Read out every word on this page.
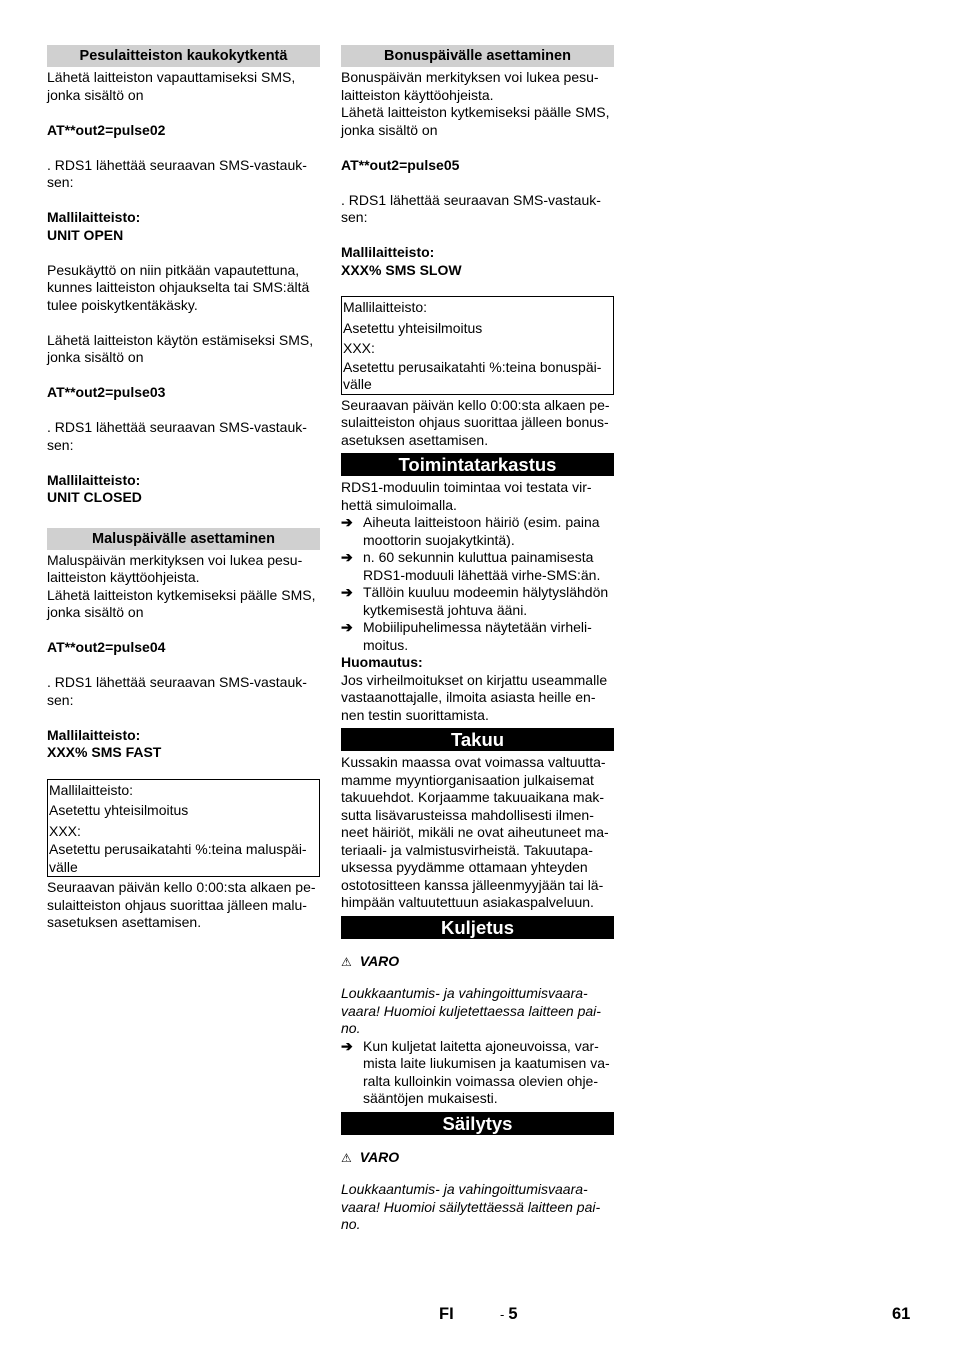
Pesulaitteiston kaukokytkentä

Lähetä laitteiston vapauttamiseksi SMS,

jonka sisältö on

AT**out2=pulse02

. RDS1 lähettää seuraavan SMS-vastauk-

sen:

Mallilaitteisto:

UNIT OPEN

Pesukäyttö on niin pitkään vapautettuna,

kunnes laitteiston ohjaukselta tai SMS:ältä

tulee poiskytkentäkäsky.

Lähetä laitteiston käytön estämiseksi SMS,

jonka sisältö on

AT**out2=pulse03

. RDS1 lähettää seuraavan SMS-vastauk-

sen:

Mallilaitteisto:

UNIT CLOSED

Maluspäivälle asettaminen

Maluspäivän merkityksen voi lukea pesu-

laitteiston käyttöohjeista.

Lähetä laitteiston kytkemiseksi päälle SMS,

jonka sisältö on

AT**out2=pulse04

. RDS1 lähettää seuraavan SMS-vastauk-

sen:

Mallilaitteisto:

XXX% SMS FAST

Mallilaitteisto:
Asetettu yhteisilmoitus
XXX:
Asetettu perusaikatahti %:teina maluspäi-
välle

Seuraavan päivän kello 0:00:sta alkaen pe-

sulaitteiston ohjaus suorittaa jälleen malu-

sasetuksen asettamisen.

Bonuspäivälle asettaminen

Bonuspäivän merkityksen voi lukea pesu-

laitteiston käyttöohjeista.

Lähetä laitteiston kytkemiseksi päälle SMS,

jonka sisältö on

AT**out2=pulse05

. RDS1 lähettää seuraavan SMS-vastauk-

sen:

Mallilaitteisto:

XXX% SMS SLOW

Mallilaitteisto:
Asetettu yhteisilmoitus
XXX:
Asetettu perusaikatahti %:teina bonuspäi-
välle

Seuraavan päivän kello 0:00:sta alkaen pe-

sulaitteiston ohjaus suorittaa jälleen bonus-

asetuksen asettamisen.

Toimintatarkastus

RDS1-moduulin toimintaa voi testata vir-

hettä simuloimalla.

➔ Aiheuta laitteistoon häiriö (esim. paina
moottorin suojakytkintä).
➔ n. 60 sekunnin kuluttua painamisesta
RDS1-moduuli lähettää virhe-SMS:än.
➔ Tällöin kuuluu modeemin hälytyslähdön
kytkemisestä johtuva ääni.
➔ Mobiilipuhelimessa näytetään virheli-
moitus.

Huomautus:

Jos virheilmoitukset on kirjattu useammalle

vastaanottajalle, ilmoita asiasta heille en-

nen testin suorittamista.

Takuu

Kussakin maassa ovat voimassa valtuutta-

mamme myyntiorganisaation julkaisemat

takuuehdot. Korjaamme takuuaikana mak-

sutta lisävarusteissa mahdollisesti ilmen-

neet häiriöt, mikäli ne ovat aiheutuneet ma-

teriaali- ja valmistusvirheistä. Takuutapa-

uksessa pyydämme ottamaan yhteyden

ostotositteen kanssa jälleenmyyjään tai lä-

himpään valtuutettuun asiakaspalveluun.

Kuljetus

⚠ VARO

Loukkaantumis- ja vahingoittumisvaara-

vaara! Huomioi kuljetettaessa laitteen pai-

no.

➔ Kun kuljetat laitetta ajoneuvoissa, var-
mista laite liukumisen ja kaatumisen va-
ralta kulloinkin voimassa olevien ohje-
sääntöjen mukaisesti.
Säilytys

⚠ VARO

Loukkaantumis- ja vahingoittumisvaara-

vaara! Huomioi säilytettäessä laitteen pai-

no.

FI	- 5	61
